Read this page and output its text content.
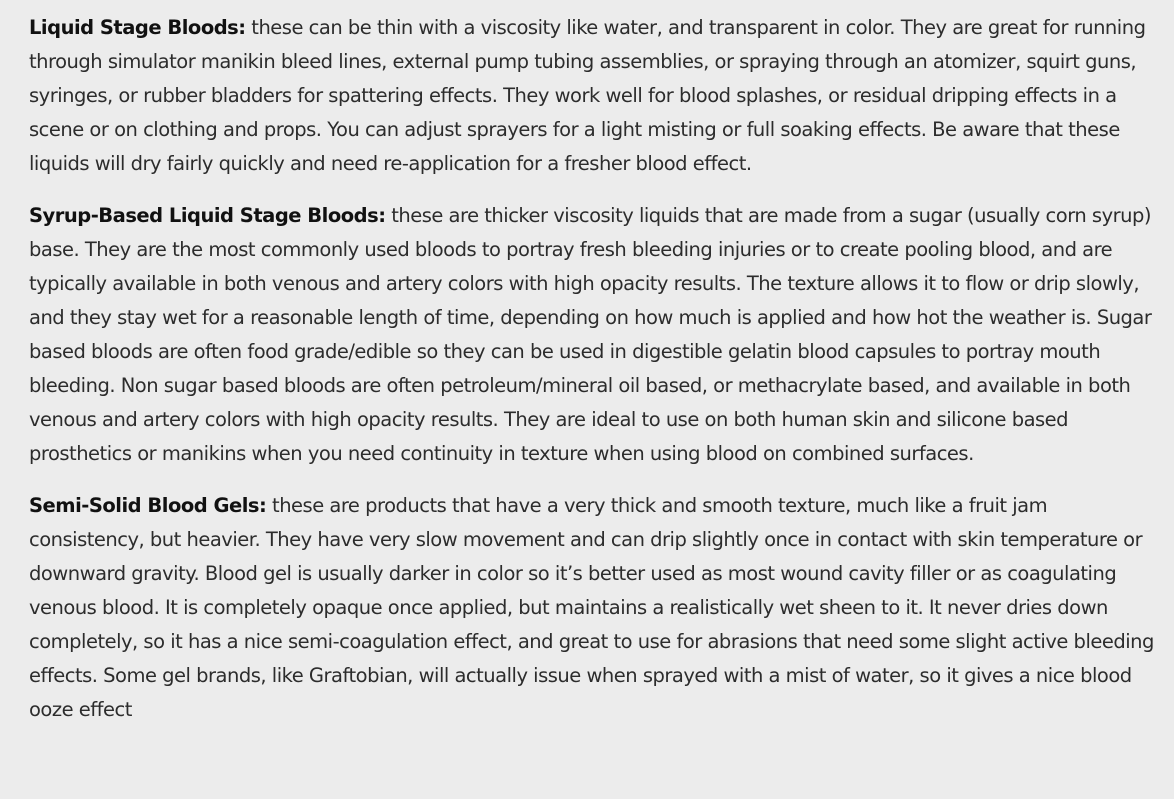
Liquid Stage Bloods: these can be thin with a viscosity like water, and transparent in color. They are great for running through simulator manikin bleed lines, external pump tubing assemblies, or spraying through an atomizer, squirt guns, syringes, or rubber bladders for spattering effects. They work well for blood splashes, or residual dripping effects in a scene or on clothing and props. You can adjust sprayers for a light misting or full soaking effects. Be aware that these liquids will dry fairly quickly and need re-application for a fresher blood effect.

Syrup-Based Liquid Stage Bloods: these are thicker viscosity liquids that are made from a sugar (usually corn syrup) base. They are the most commonly used bloods to portray fresh bleeding injuries or to create pooling blood, and are typically available in both venous and artery colors with high opacity results. The texture allows it to flow or drip slowly, and they stay wet for a reasonable length of time, depending on how much is applied and how hot the weather is. Sugar based bloods are often food grade/edible so they can be used in digestible gelatin blood capsules to portray mouth bleeding. Non sugar based bloods are often petroleum/mineral oil based, or methacrylate based, and available in both venous and artery colors with high opacity results. They are ideal to use on both human skin and silicone based prosthetics or manikins when you need continuity in texture when using blood on combined surfaces.

Semi-Solid Blood Gels: these are products that have a very thick and smooth texture, much like a fruit jam consistency, but heavier. They have very slow movement and can drip slightly once in contact with skin temperature or downward gravity. Blood gel is usually darker in color so it’s better used as most wound cavity filler or as coagulating venous blood. It is completely opaque once applied, but maintains a realistically wet sheen to it. It never dries down completely, so it has a nice semi-coagulation effect, and great to use for abrasions that need some slight active bleeding effects. Some gel brands, like Graftobian, will actually issue when sprayed with a mist of water, so it gives a nice blood ooze effect
